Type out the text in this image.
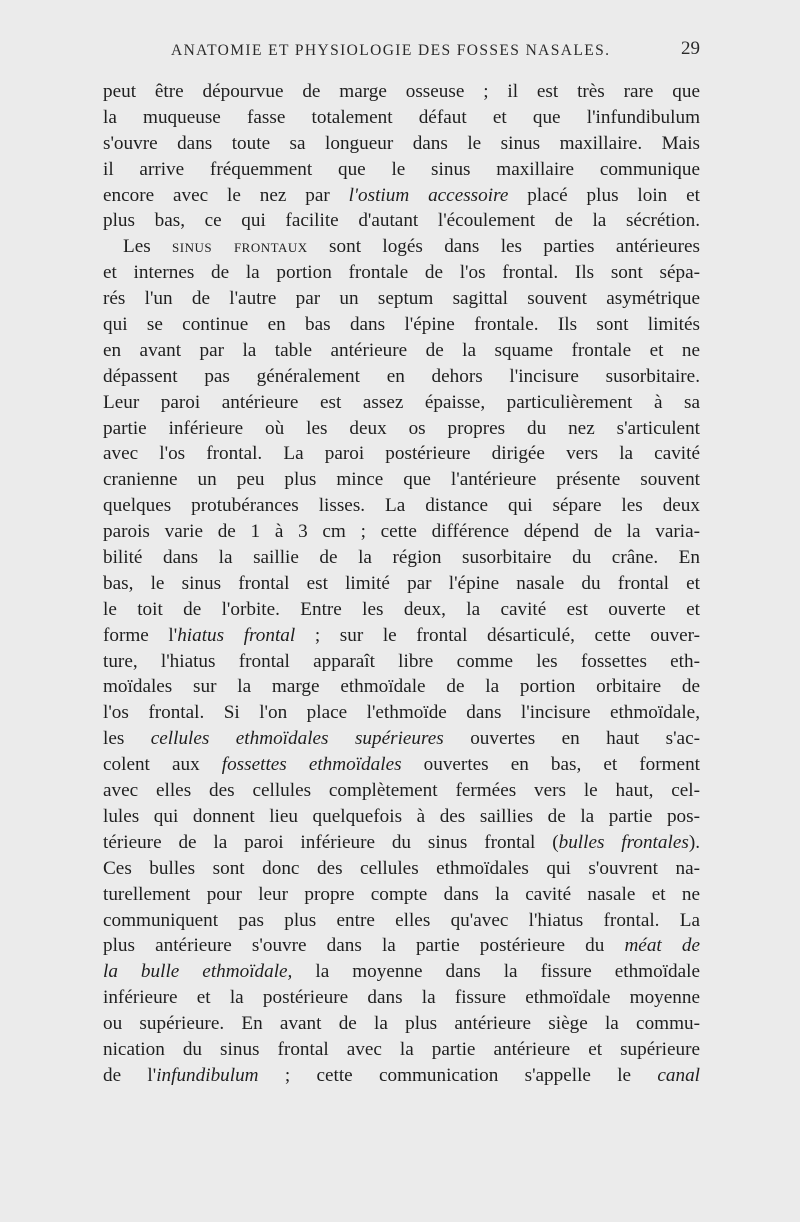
ANATOMIE ET PHYSIOLOGIE DES FOSSES NASALES.	29
peut être dépourvue de marge osseuse ; il est très rare que
la muqueuse fasse totalement défaut et que l'infundibulum
s'ouvre dans toute sa longueur dans le sinus maxillaire. Mais
il arrive fréquemment que le sinus maxillaire communique
encore avec le nez par l'ostium accessoire placé plus loin et
plus bas, ce qui facilite d'autant l'écoulement de la sécrétion.
Les sinus frontaux sont logés dans les parties antérieures
et internes de la portion frontale de l'os frontal. Ils sont sépa-
rés l'un de l'autre par un septum sagittal souvent asymétrique
qui se continue en bas dans l'épine frontale. Ils sont limités
en avant par la table antérieure de la squame frontale et ne
dépassent pas généralement en dehors l'incisure susorbitaire.
Leur paroi antérieure est assez épaisse, particulièrement à sa
partie inférieure où les deux os propres du nez s'articulent
avec l'os frontal. La paroi postérieure dirigée vers la cavité
cranienne un peu plus mince que l'antérieure présente souvent
quelques protubérances lisses. La distance qui sépare les deux
parois varie de 1 à 3 cm ; cette différence dépend de la varia-
bilité dans la saillie de la région susorbitaire du crâne. En
bas, le sinus frontal est limité par l'épine nasale du frontal et
le toit de l'orbite. Entre les deux, la cavité est ouverte et
forme l'hiatus frontal ; sur le frontal désarticulé, cette ouver-
ture, l'hiatus frontal apparaît libre comme les fossettes eth-
moïdales sur la marge ethmoïdale de la portion orbitaire de
l'os frontal. Si l'on place l'ethmoïde dans l'incisure ethmoïdale,
les cellules ethmoïdales supérieures ouvertes en haut s'ac-
colent aux fossettes ethmoïdales ouvertes en bas, et forment
avec elles des cellules complètement fermées vers le haut, cel-
lules qui donnent lieu quelquefois à des saillies de la partie pos-
térieure de la paroi inférieure du sinus frontal (bulles frontales).
Ces bulles sont donc des cellules ethmoïdales qui s'ouvrent na-
turellement pour leur propre compte dans la cavité nasale et ne
communiquent pas plus entre elles qu'avec l'hiatus frontal. La
plus antérieure s'ouvre dans la partie postérieure du méat de
la bulle ethmoïdale, la moyenne dans la fissure ethmoïdale
inférieure et la postérieure dans la fissure ethmoïdale moyenne
ou supérieure. En avant de la plus antérieure siège la commu-
nication du sinus frontal avec la partie antérieure et supérieure
de l'infundibulum ; cette communication s'appelle le canal
